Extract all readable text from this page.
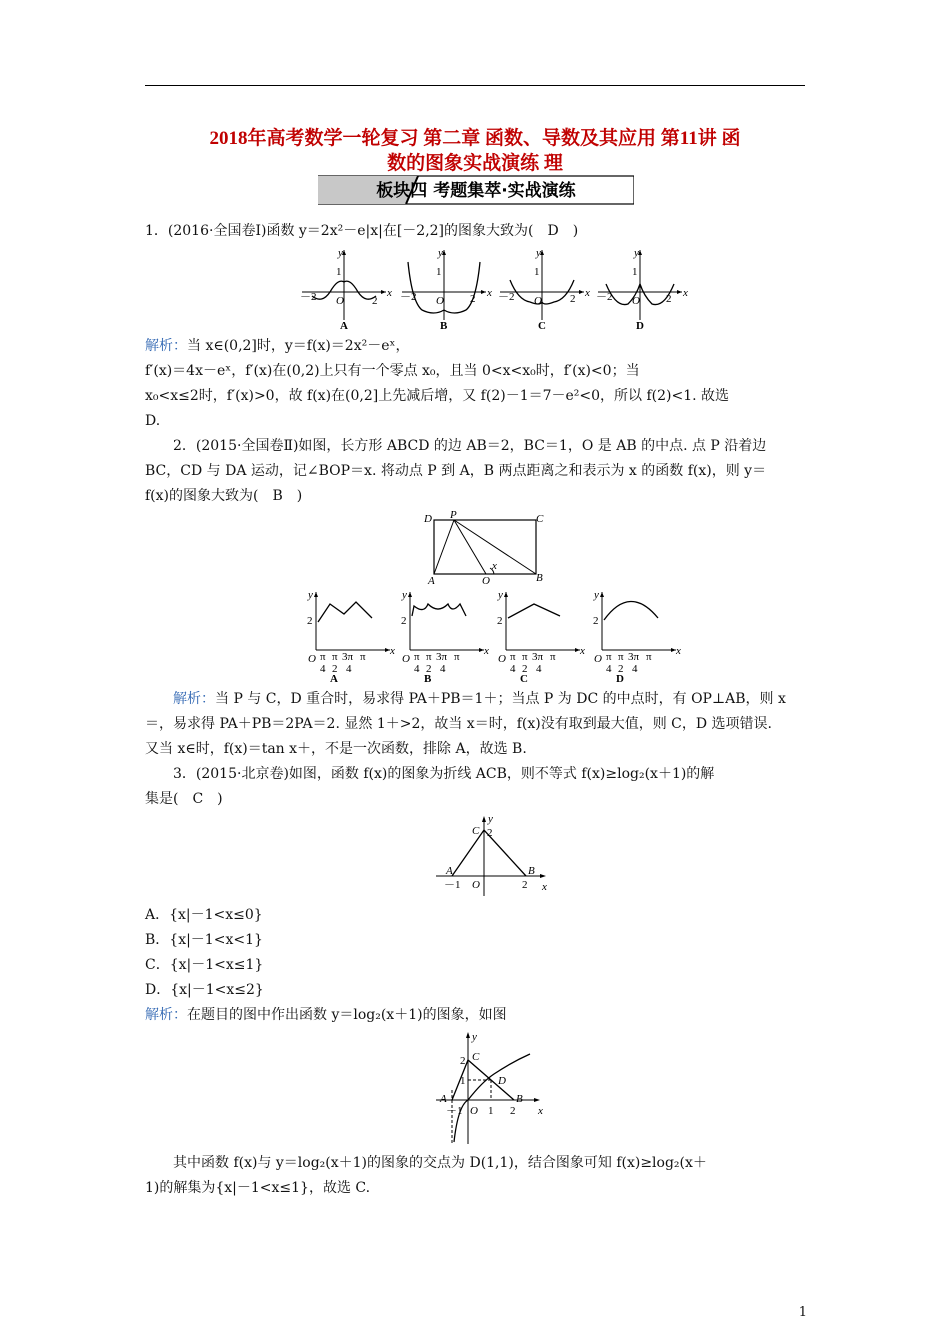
2018年高考数学一轮复习 第二章 函数、导数及其应用 第11讲 函
数的图象实战演练 理
板块四 考题集萃·实战演练

1．(2016·全国卷Ⅰ)函数 y＝2x²－e|x|在[－2,2]的图象大致为(　D　)

－2 O	2
1
x
y
A
－2 O 2
1
x
y
B
－2 O	2
1
x
y
C
－2 O 2
1
x
y
D

解析：当 x∈(0,2]时，y＝f(x)＝2x²－eˣ，

f′(x)＝4x－eˣ，f′(x)在(0,2)上只有一个零点 x₀，且当 0<x<x₀时，f′(x)<0；当

x₀<x≤2时，f′(x)>0，故 f(x)在(0,2]上先减后增，又 f(2)－1＝7－e²<0，所以 f(2)<1. 故选

D.

2．(2015·全国卷Ⅱ)如图，长方形 ABCD 的边 AB＝2，BC＝1，O 是 AB 的中点. 点 P 沿着边

BC，CD 与 DA 运动，记∠BOP＝x. 将动点 P 到 A，B 两点距离之和表示为 x 的函数 f(x)，则 y＝

f(x)的图象大致为(　B　)

D P	C
A	O	B
x
y
2
O
x
π
4
π
2
3π
4
π
A
y
2
O
x
π
4
π
2
3π
4
π
B
y
2
O
x
π
4
π
2
3π
4
π
C
y
2
O
x
π
4
π
2
3π
4
π
D

解析：当 P 与 C，D 重合时，易求得 PA＋PB＝1＋；当点 P 为 DC 的中点时，有 OP⊥AB，则 x

＝，易求得 PA＋PB＝2PA＝2. 显然 1＋>2，故当 x＝时，f(x)没有取到最大值，则 C，D 选项错误.

又当 x∈时，f(x)＝tan x＋，不是一次函数，排除 A，故选 B.

3．(2015·北京卷)如图，函数 f(x)的图象为折线 ACB，则不等式 f(x)≥log₂(x＋1)的解

集是(　C　)

y
C 2
A	B
－1 O	2 x

A．{x|－1<x≤0}

B．{x|－1<x<1}

C．{x|－1<x≤1}

D．{x|－1<x≤2}

解析：在题目的图中作出函数 y＝log₂(x＋1)的图象，如图

y
2 C
1	D
A
－1 O 1 2
B
x

其中函数 f(x)与 y＝log₂(x＋1)的图象的交点为 D(1,1)，结合图象可知 f(x)≥log₂(x＋

1)的解集为{x|－1<x≤1}，故选 C.

1
